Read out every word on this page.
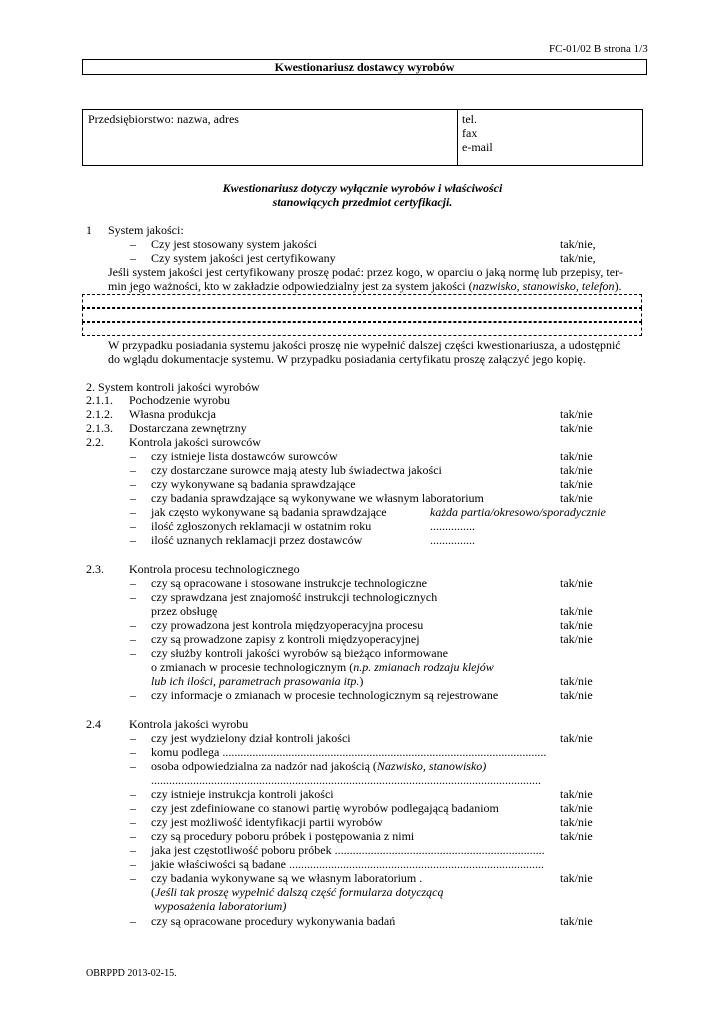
FC-01/02 B strona 1/3
Kwestionariusz dostawcy wyrobów
Przedsiębiorstwo: nazwa, adres	tel.
fax
e-mail
Kwestionariusz dotyczy wyłącznie wyrobów i właściwości
stanowiących przedmiot certyfikacji.
1 System jakości:
– Czy jest stosowany system jakości	tak/nie,
– Czy system jakości jest certyfikowany	tak/nie,
Jeśli system jakości jest certyfikowany proszę podać: przez kogo, w oparciu o jaką normę lub przepisy, ter-
min jego ważności, kto w zakładzie odpowiedzialny jest za system jakości (nazwisko, stanowisko, telefon).
W przypadku posiadania systemu jakości proszę nie wypełnić dalszej części kwestionariusza, a udostępnić
do wglądu dokumentacje systemu. W przypadku posiadania certyfikatu proszę załączyć jego kopię.
2. System kontroli jakości wyrobów
2.1.1. Pochodzenie wyrobu
2.1.2. Własna produkcja	tak/nie
2.1.3. Dostarczana zewnętrzny	tak/nie
2.2. Kontrola jakości surowców
– czy istnieje lista dostawców surowców	tak/nie
– czy dostarczane surowce mają atesty lub świadectwa jakości	tak/nie
– czy wykonywane są badania sprawdzające	tak/nie
– czy badania sprawdzające są wykonywane we własnym laboratorium	tak/nie
– jak często wykonywane są badania sprawdzające	każda partia/okresowo/sporadycznie
– ilość zgłoszonych reklamacji w ostatnim roku	...............
– ilość uznanych reklamacji przez dostawców	...............
2.3. Kontrola procesu technologicznego
– czy są opracowane i stosowane instrukcje technologiczne	tak/nie
– czy sprawdzana jest znajomość instrukcji technologicznych
przez obsługę	tak/nie
– czy prowadzona jest kontrola międzyoperacyjna procesu	tak/nie
– czy są prowadzone zapisy z kontroli międzyoperacyjnej	tak/nie
– czy służby kontroli jakości wyrobów są bieżąco informowane
o zmianach w procesie technologicznym (n.p. zmianach rodzaju klejów
lub ich ilości, parametrach prasowania itp.)	tak/nie
– czy informacje o zmianach w procesie technologicznym są rejestrowane	tak/nie
2.4 Kontrola jakości wyrobu
– czy jest wydzielony dział kontroli jakości	tak/nie
– komu podlega ............................................................................................................
– osoba odpowiedzialna za nadzór nad jakością (Nazwisko, stanowisko)
..................................................................................................................................
– czy istnieje instrukcja kontroli jakości	tak/nie
– czy jest zdefiniowane co stanowi partię wyrobów podlegającą badaniom	tak/nie
– czy jest możliwość identyfikacji partii wyrobów	tak/nie
– czy są procedury poboru próbek i postępowania z nimi	tak/nie
– jaka jest częstotliwość poboru próbek ......................................................................
– jakie właściwości są badane .....................................................................................
– czy badania wykonywane są we własnym laboratorium .	tak/nie
(Jeśli tak proszę wypełnić dalszą część formularza dotyczącą
wyposażenia laboratorium)
– czy są opracowane procedury wykonywania badań	tak/nie
OBRPPD 2013-02-15.
